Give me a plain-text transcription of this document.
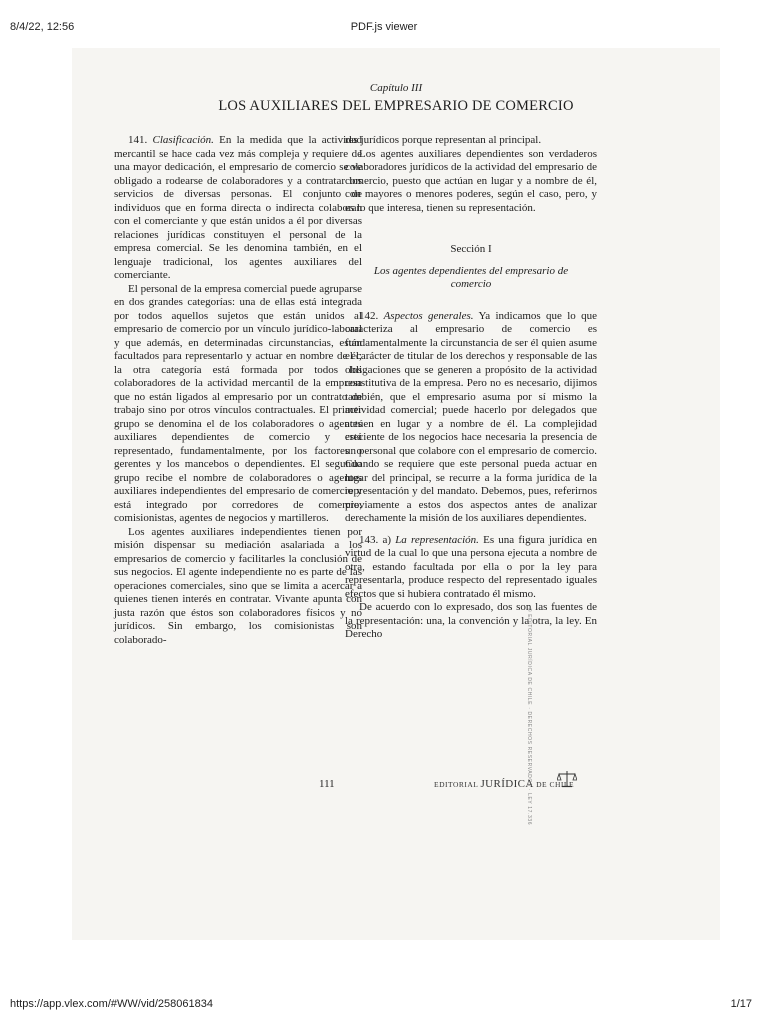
8/4/22, 12:56	PDF.js viewer
Capítulo III
LOS AUXILIARES DEL EMPRESARIO DE COMERCIO

141. Clasificación. En la medida que la actividad mercantil se hace cada vez más compleja y requiere de una mayor dedicación, el empresario de comercio se ve obligado a rodearse de colaboradores y a contratar los servicios de diversas personas. El conjunto de individuos que en forma directa o indirecta colaboran con el comerciante y que están unidos a él por diversas relaciones jurídicas constituyen el personal de la empresa comercial. Se les denomina también, en el lenguaje tradicional, los agentes auxiliares del comerciante.

El personal de la empresa comercial puede agruparse en dos grandes categorías: una de ellas está integrada por todos aquellos sujetos que están unidos al empresario de comercio por un vínculo jurídico-laboral y que además, en determinadas circunstancias, están facultados para representarlo y actuar en nombre de él; la otra categoría está formada por todos los colaboradores de la actividad mercantil de la empresa que no están ligados al empresario por un contrato de trabajo sino por otros vínculos contractuales. El primer grupo se denomina el de los colaboradores o agentes auxiliares dependientes de comercio y está representado, fundamentalmente, por los factores o gerentes y los mancebos o dependientes. El segundo grupo recibe el nombre de colaboradores o agentes auxiliares independientes del empresario de comercio y está integrado por corredores de comercio, comisionistas, agentes de negocios y martilleros.

Los agentes auxiliares independientes tienen por misión dispensar su mediación asalariada a los empresarios de comercio y facilitarles la conclusión de sus negocios. El agente independiente no es parte de las operaciones comerciales, sino que se limita a acercar a quienes tienen interés en contratar. Vivante apunta con justa razón que éstos son colaboradores físicos y no jurídicos. Sin embargo, los comisionistas son colaborado-

res jurídicos porque representan al principal.

Los agentes auxiliares dependientes son verdaderos colaboradores jurídicos de la actividad del empresario de comercio, puesto que actúan en lugar y a nombre de él, con mayores o menores poderes, según el caso, pero, y es lo que interesa, tienen su representación.

Sección I

Los agentes dependientes del empresario de comercio

142. Aspectos generales. Ya indicamos que lo que caracteriza al empresario de comercio es fundamentalmente la circunstancia de ser él quien asume el carácter de titular de los derechos y responsable de las obligaciones que se generen a propósito de la actividad constitutiva de la empresa. Pero no es necesario, dijimos también, que el empresario asuma por sí mismo la actividad comercial; puede hacerlo por delegados que actúen en lugar y a nombre de él. La complejidad creciente de los negocios hace necesaria la presencia de un personal que colabore con el empresario de comercio. Cuando se requiere que este personal pueda actuar en lugar del principal, se recurre a la forma jurídica de la representación y del mandato. Debemos, pues, referirnos previamente a estos dos aspectos antes de analizar derechamente la misión de los auxiliares dependientes.

143. a) La representación. Es una figura jurídica en virtud de la cual lo que una persona ejecuta a nombre de otra, estando facultada por ella o por la ley para representarla, produce respecto del representado iguales efectos que si hubiera contratado él mismo.

De acuerdo con lo expresado, dos son las fuentes de la representación: una, la convención y la otra, la ley. En Derecho

111	EDITORIAL JURÍDICA DE CHILE
© EDITORIAL JURÍDICA DE CHILE · DERECHOS RESERVADOS · LEY 17.336
https://app.vlex.com/#WW/vid/258061834	1/17
